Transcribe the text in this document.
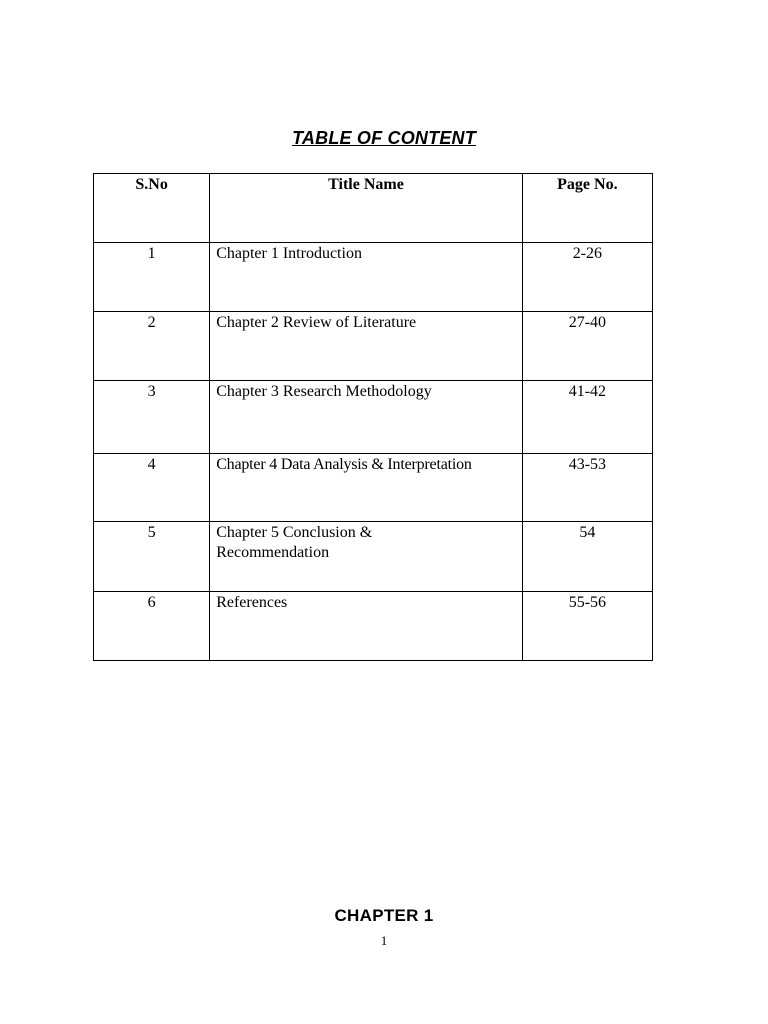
TABLE OF CONTENT
S.No	Title Name	Page No.

1	Chapter 1 Introduction	2-26

2	Chapter 2 Review of Literature	27-40

3	Chapter 3 Research Methodology	41-42

4	Chapter 4 Data Analysis & Interpretation	43-53

5	Chapter 5 Conclusion & Recommendation	54

6	References	55-56
CHAPTER 1
1
